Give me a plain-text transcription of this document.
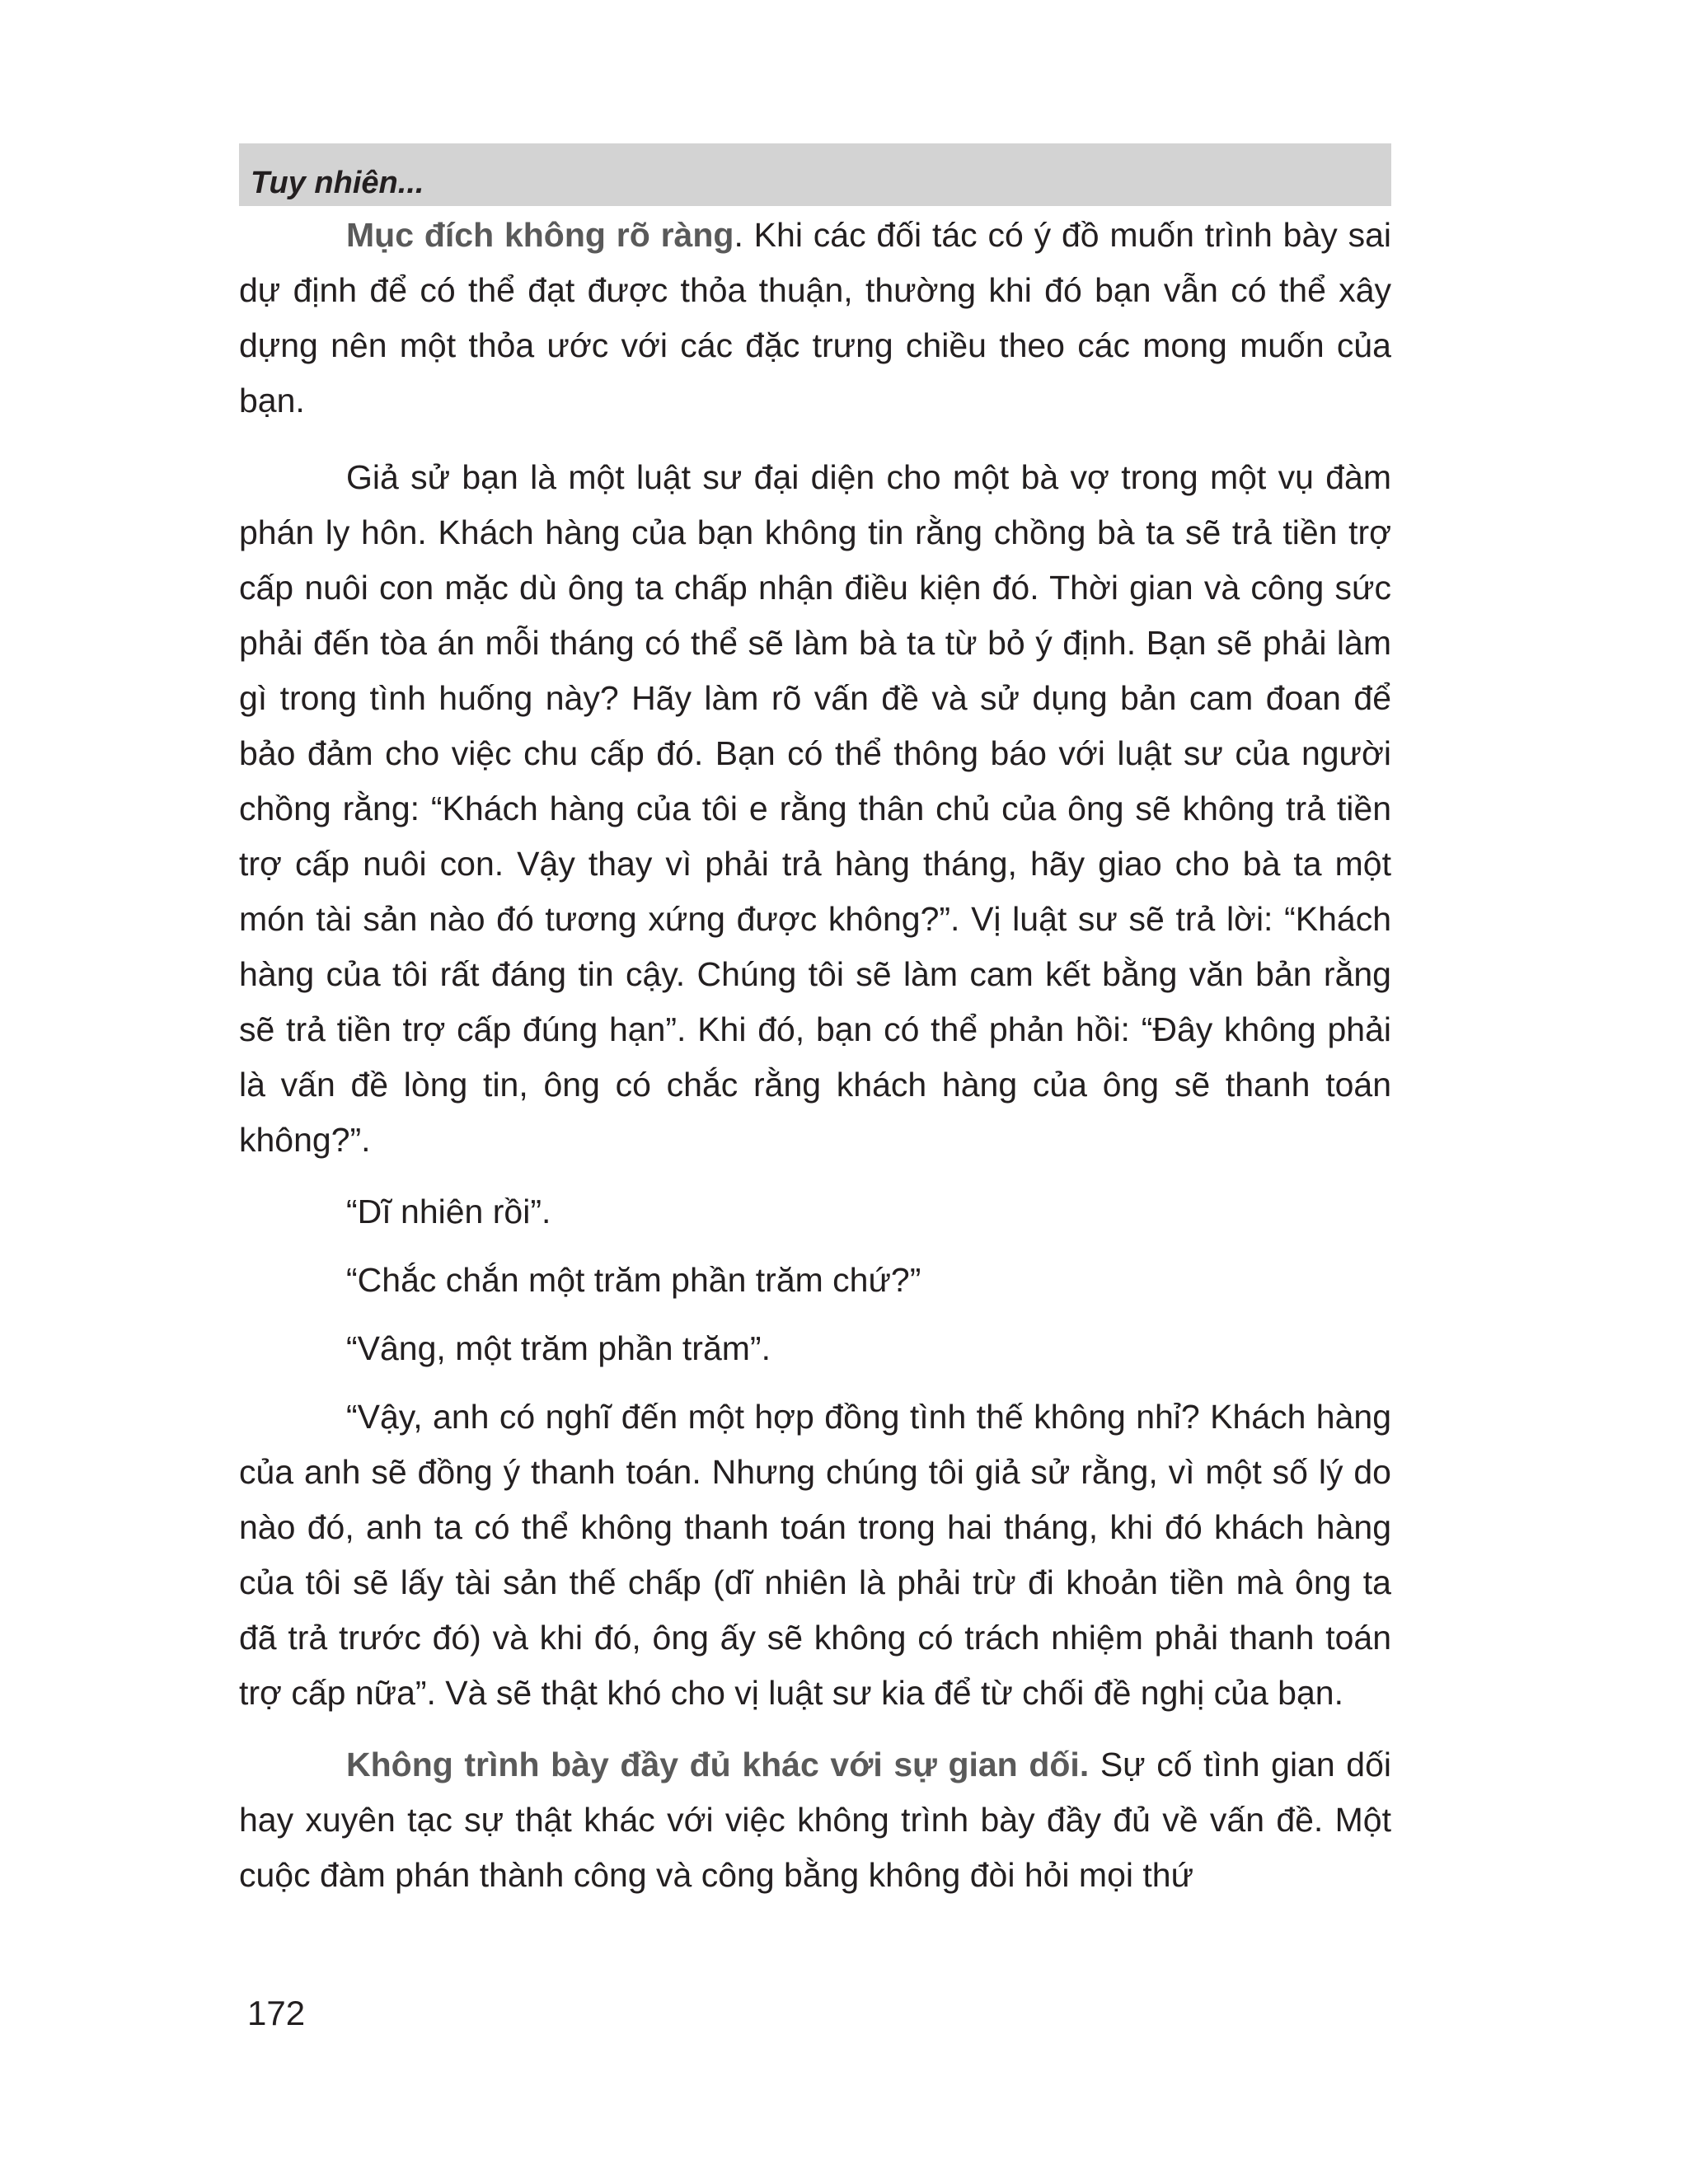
Tuy nhiên...

Mục đích không rõ ràng. Khi các đối tác có ý đồ muốn trình bày sai dự định để có thể đạt được thỏa thuận, thường khi đó bạn vẫn có thể xây dựng nên một thỏa ước với các đặc trưng chiều theo các mong muốn của bạn.

Giả sử bạn là một luật sư đại diện cho một bà vợ trong một vụ đàm phán ly hôn. Khách hàng của bạn không tin rằng chồng bà ta sẽ trả tiền trợ cấp nuôi con mặc dù ông ta chấp nhận điều kiện đó. Thời gian và công sức phải đến tòa án mỗi tháng có thể sẽ làm bà ta từ bỏ ý định. Bạn sẽ phải làm gì trong tình huống này? Hãy làm rõ vấn đề và sử dụng bản cam đoan để bảo đảm cho việc chu cấp đó. Bạn có thể thông báo với luật sư của người chồng rằng: “Khách hàng của tôi e rằng thân chủ của ông sẽ không trả tiền trợ cấp nuôi con. Vậy thay vì phải trả hàng tháng, hãy giao cho bà ta một món tài sản nào đó tương xứng được không?”. Vị luật sư sẽ trả lời: “Khách hàng của tôi rất đáng tin cậy. Chúng tôi sẽ làm cam kết bằng văn bản rằng sẽ trả tiền trợ cấp đúng hạn”. Khi đó, bạn có thể phản hồi: “Đây không phải là vấn đề lòng tin, ông có chắc rằng khách hàng của ông sẽ thanh toán không?”.

“Dĩ nhiên rồi”.

“Chắc chắn một trăm phần trăm chứ?”

“Vâng, một trăm phần trăm”.

“Vậy, anh có nghĩ đến một hợp đồng tình thế không nhỉ? Khách hàng của anh sẽ đồng ý thanh toán. Nhưng chúng tôi giả sử rằng, vì một số lý do nào đó, anh ta có thể không thanh toán trong hai tháng, khi đó khách hàng của tôi sẽ lấy tài sản thế chấp (dĩ nhiên là phải trừ đi khoản tiền mà ông ta đã trả trước đó) và khi đó, ông ấy sẽ không có trách nhiệm phải thanh toán trợ cấp nữa”. Và sẽ thật khó cho vị luật sư kia để từ chối đề nghị của bạn.

Không trình bày đầy đủ khác với sự gian dối. Sự cố tình gian dối hay xuyên tạc sự thật khác với việc không trình bày đầy đủ về vấn đề. Một cuộc đàm phán thành công và công bằng không đòi hỏi mọi thứ

172
